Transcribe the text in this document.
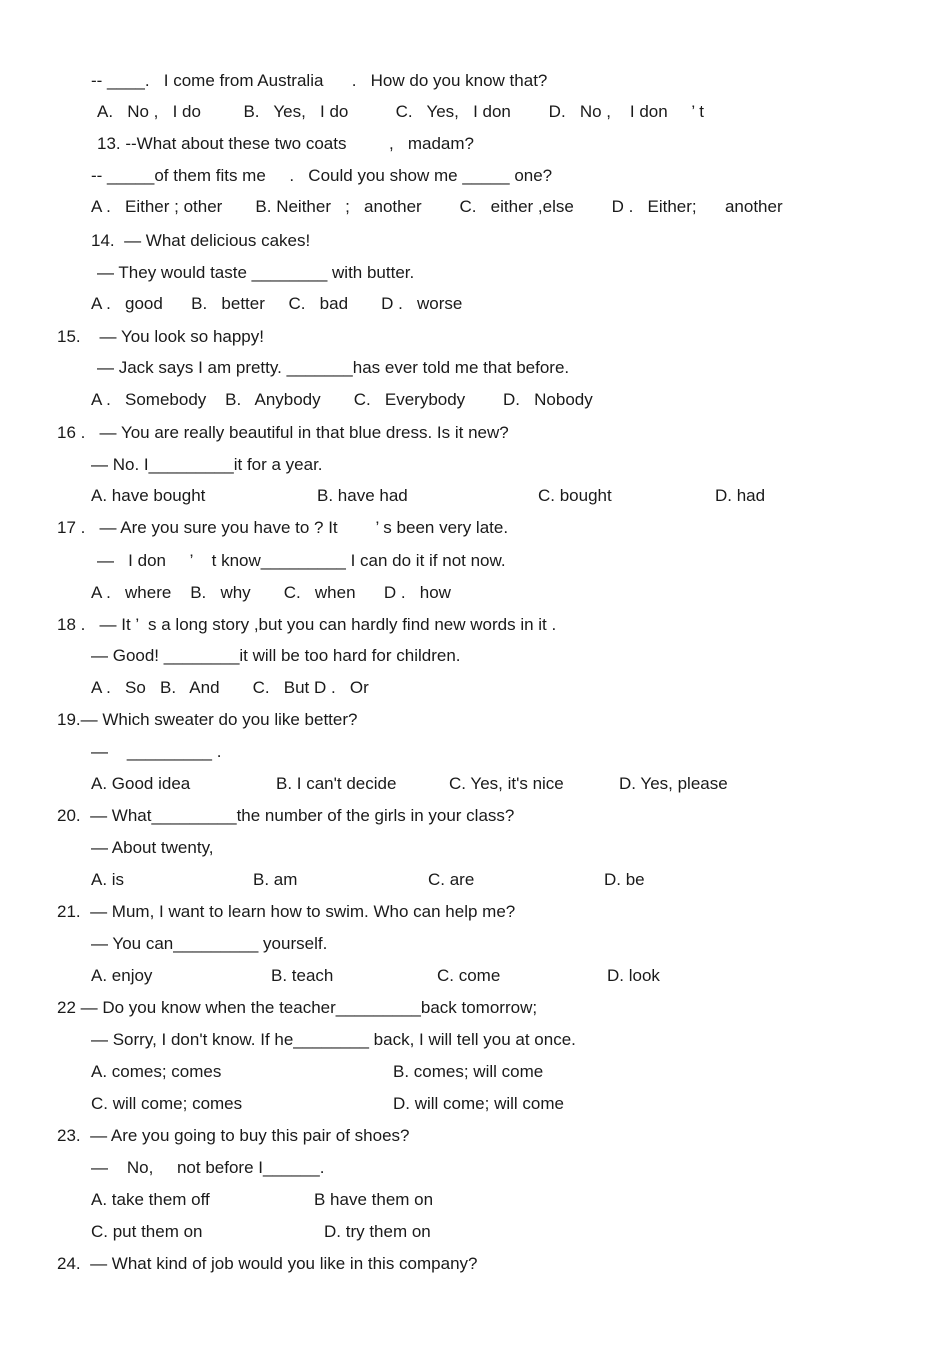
-- ____.   I come from Australia      .   How do you know that?
A.   No ,   I do         B.   Yes,   I do          C.   Yes,   I don        D.   No ,    I don     ’ t
13. --What about these two coats         ,   madam?
-- _____of them fits me     .   Could you show me _____ one?
A .   Either ; other       B. Neither   ;   another        C.   either ,else        D .   Either;      another
14.  — What delicious cakes!
— They would taste ________ with butter.
A .   good      B.   better     C.   bad       D .   worse
15.    — You look so happy!
— Jack says I am pretty. _______has ever told me that before.
A .   Somebody    B.   Anybody       C.   Everybody        D.   Nobody
16 .   — You are really beautiful in that blue dress. Is it new?
— No. I_________it for a year.
A. have bought	B. have had	C. bought	D. had
17 .   — Are you sure you have to ? It        ’ s been very late.
—   I don     ’    t know_________ I can do it if not now.
A .   where    B.   why       C.   when      D .   how
18 .   — It ’  s a long story ,but you can hardly find new words in it .
— Good! ________it will be too hard for children.
A .   So   B.   And       C.   But D .   Or
19.— Which sweater do you like better?
—    _________ .
A. Good idea	B. I can't decide	C. Yes, it's nice	D. Yes, please
20.  — What_________the number of the girls in your class?
— About twenty,
A. is	B. am	C. are	D. be
21.  — Mum, I want to learn how to swim. Who can help me?
— You can_________ yourself.
A. enjoy	B. teach	C. come	D. look
22 — Do you know when the teacher_________back tomorrow;
— Sorry, I don't know. If he________ back, I will tell you at once.
A. comes; comes	B. comes; will come
C. will come; comes	D. will come; will come
23.  — Are you going to buy this pair of shoes?
—    No,     not before I______.
A. take them off	B have them on
C. put them on	D. try them on
24.  — What kind of job would you like in this company?
